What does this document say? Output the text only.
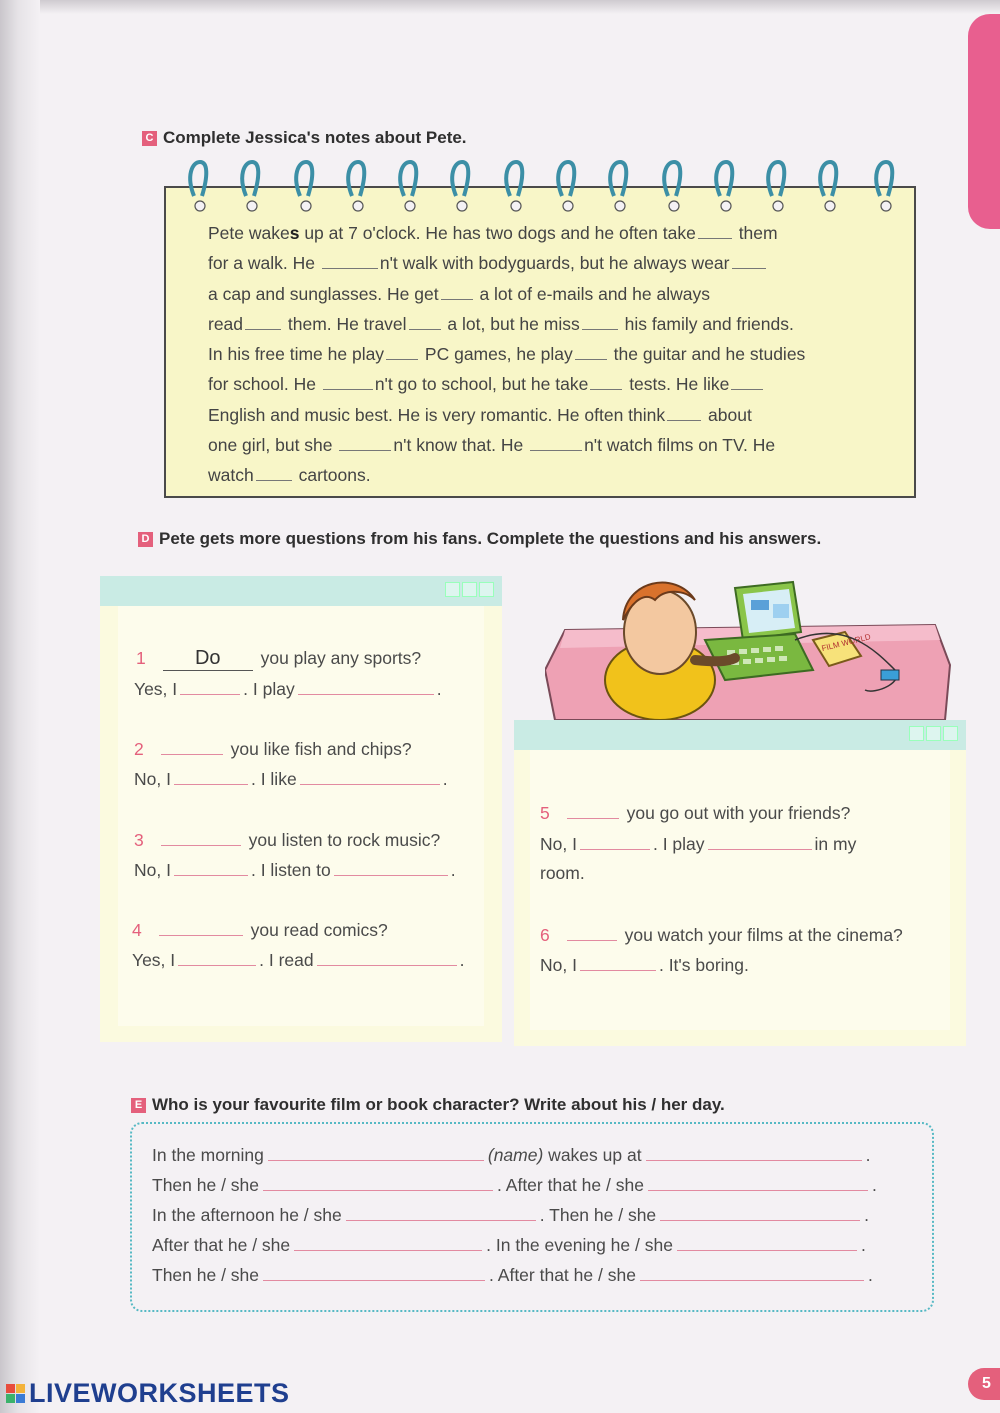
C Complete Jessica's notes about Pete.
Pete wakes up at 7 o'clock. He has two dogs and he often take them
for a walk. He	n't walk with bodyguards, but he always wear
a cap and sunglasses. He get a lot of e-mails and he always
read them. He travel a lot, but he miss his family and friends.
In his free time he play PC games, he play the guitar and he studies
for school. He	n't go to school, but he take tests. He like
English and music best. He is very romantic. He often think about
one girl, but she	n't know that. He	n't watch films on TV. He
watch cartoons.
D Pete gets more questions from his fans. Complete the questions and his answers.
1 Do you play any sports?
Yes, I	. I play	.
2	you like fish and chips?
No, I	. I like	.
3	you listen to rock music?
No, I	. I listen to	.
4	you read comics?
Yes, I	. I read	.
5	you go out with your friends?
No, I	. I play	in my
room.
6	you watch your films at the cinema?
No, I	. It's boring.
FILM WORLD
E Who is your favourite film or book character? Write about his / her day.
In the morning	(name) wakes up at	.
Then he / she	. After that he / she	.
In the afternoon he / she	. Then he / she	.
After that he / she	. In the evening he / she	.
Then he / she	. After that he / she	.
LIVEWORKSHEETS	5
